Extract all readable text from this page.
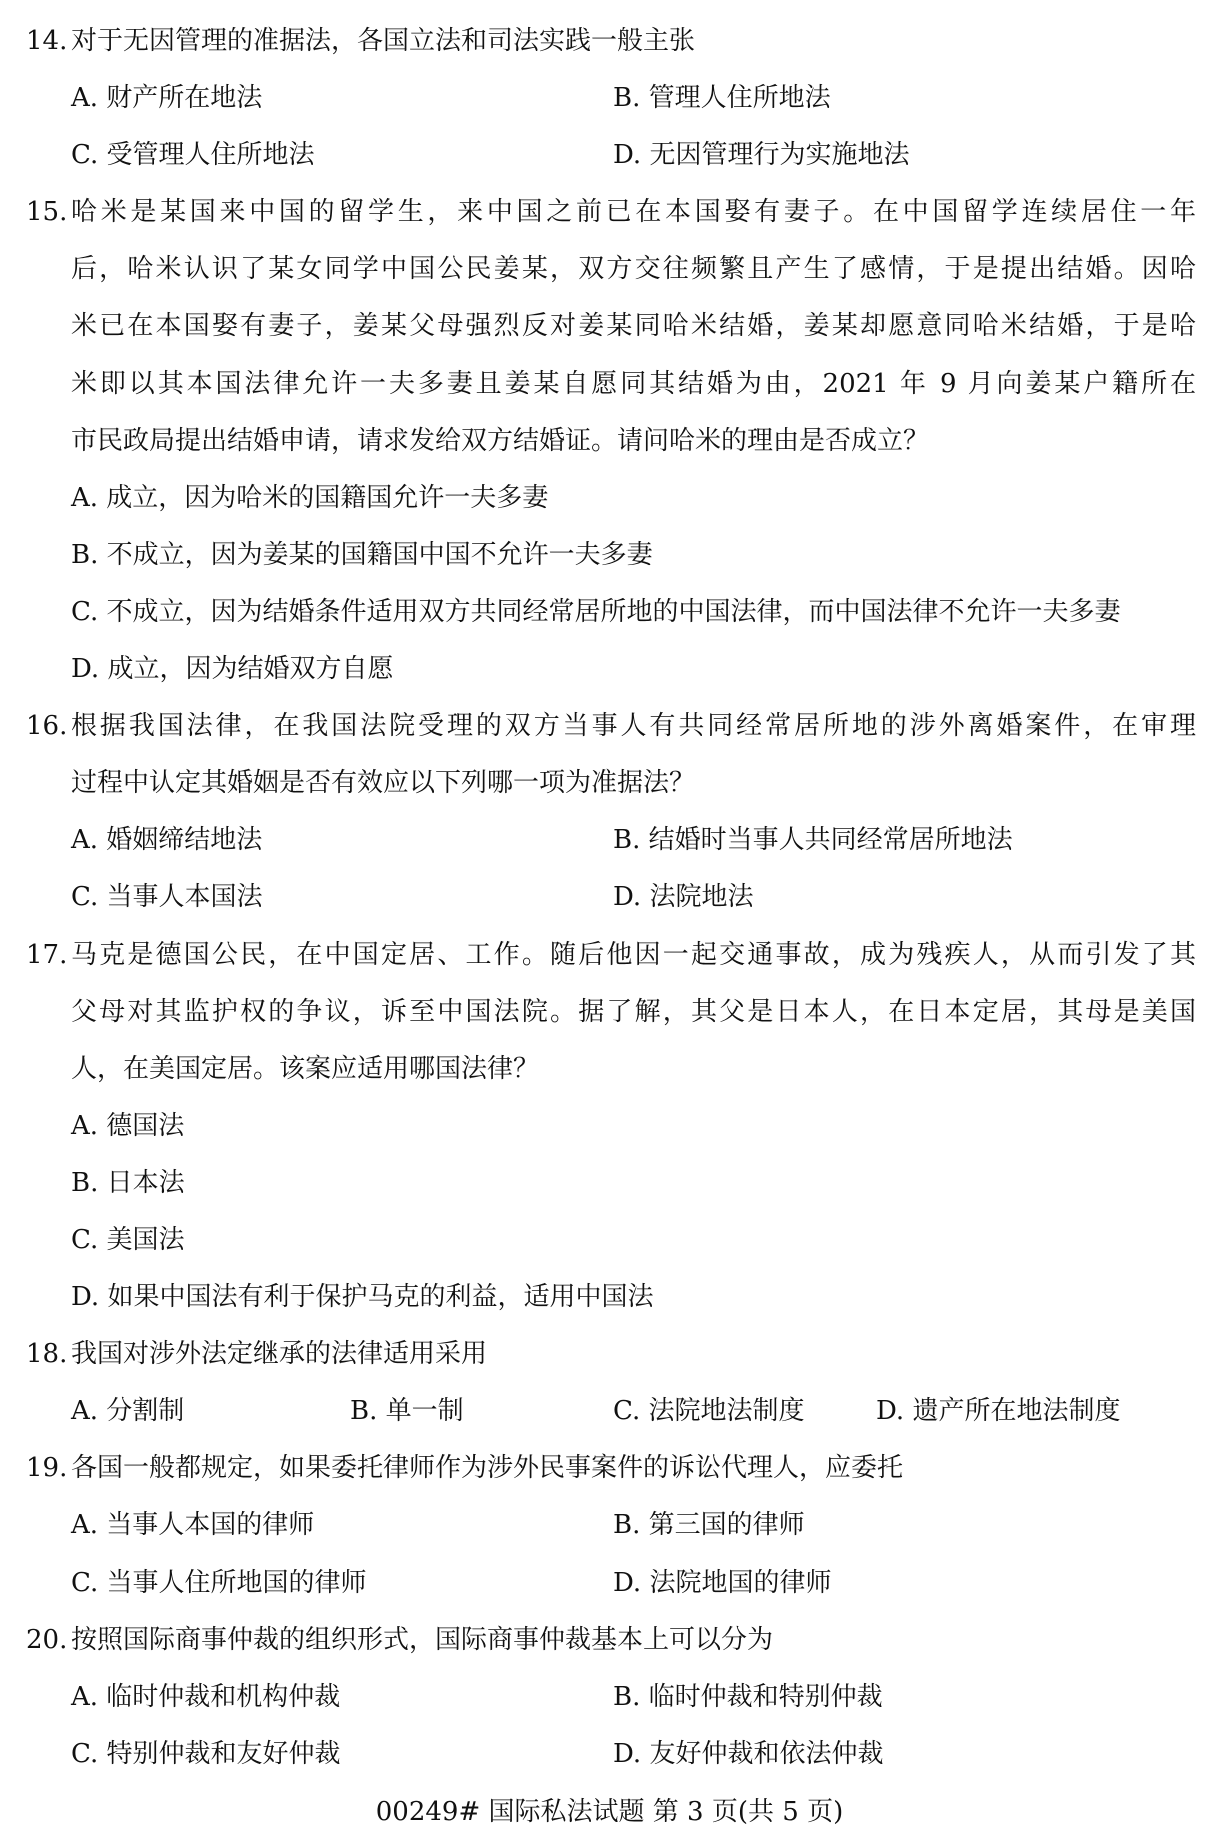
14. 对于无因管理的准据法，各国立法和司法实践一般主张
A. 财产所在地法	B. 管理人住所地法
C. 受管理人住所地法	D. 无因管理行为实施地法
15. 哈米是某国来中国的留学生，来中国之前已在本国娶有妻子。在中国留学连续居住一年
后，哈米认识了某女同学中国公民姜某，双方交往频繁且产生了感情，于是提出结婚。因哈
米已在本国娶有妻子，姜某父母强烈反对姜某同哈米结婚，姜某却愿意同哈米结婚，于是哈
米即以其本国法律允许一夫多妻且姜某自愿同其结婚为由，2021 年 9 月向姜某户籍所在
市民政局提出结婚申请，请求发给双方结婚证。请问哈米的理由是否成立？
A. 成立，因为哈米的国籍国允许一夫多妻
B. 不成立，因为姜某的国籍国中国不允许一夫多妻
C. 不成立，因为结婚条件适用双方共同经常居所地的中国法律，而中国法律不允许一夫多妻
D. 成立，因为结婚双方自愿
16. 根据我国法律，在我国法院受理的双方当事人有共同经常居所地的涉外离婚案件，在审理
过程中认定其婚姻是否有效应以下列哪一项为准据法？
A. 婚姻缔结地法	B. 结婚时当事人共同经常居所地法
C. 当事人本国法	D. 法院地法
17. 马克是德国公民，在中国定居、工作。随后他因一起交通事故，成为残疾人，从而引发了其
父母对其监护权的争议，诉至中国法院。据了解，其父是日本人，在日本定居，其母是美国
人，在美国定居。该案应适用哪国法律？
A. 德国法
B. 日本法
C. 美国法
D. 如果中国法有利于保护马克的利益，适用中国法
18. 我国对涉外法定继承的法律适用采用
A. 分割制	B. 单一制	C. 法院地法制度	D. 遗产所在地法制度
19. 各国一般都规定，如果委托律师作为涉外民事案件的诉讼代理人，应委托
A. 当事人本国的律师	B. 第三国的律师
C. 当事人住所地国的律师	D. 法院地国的律师
20. 按照国际商事仲裁的组织形式，国际商事仲裁基本上可以分为
A. 临时仲裁和机构仲裁	B. 临时仲裁和特别仲裁
C. 特别仲裁和友好仲裁	D. 友好仲裁和依法仲裁
00249# 国际私法试题 第 3 页(共 5 页)
